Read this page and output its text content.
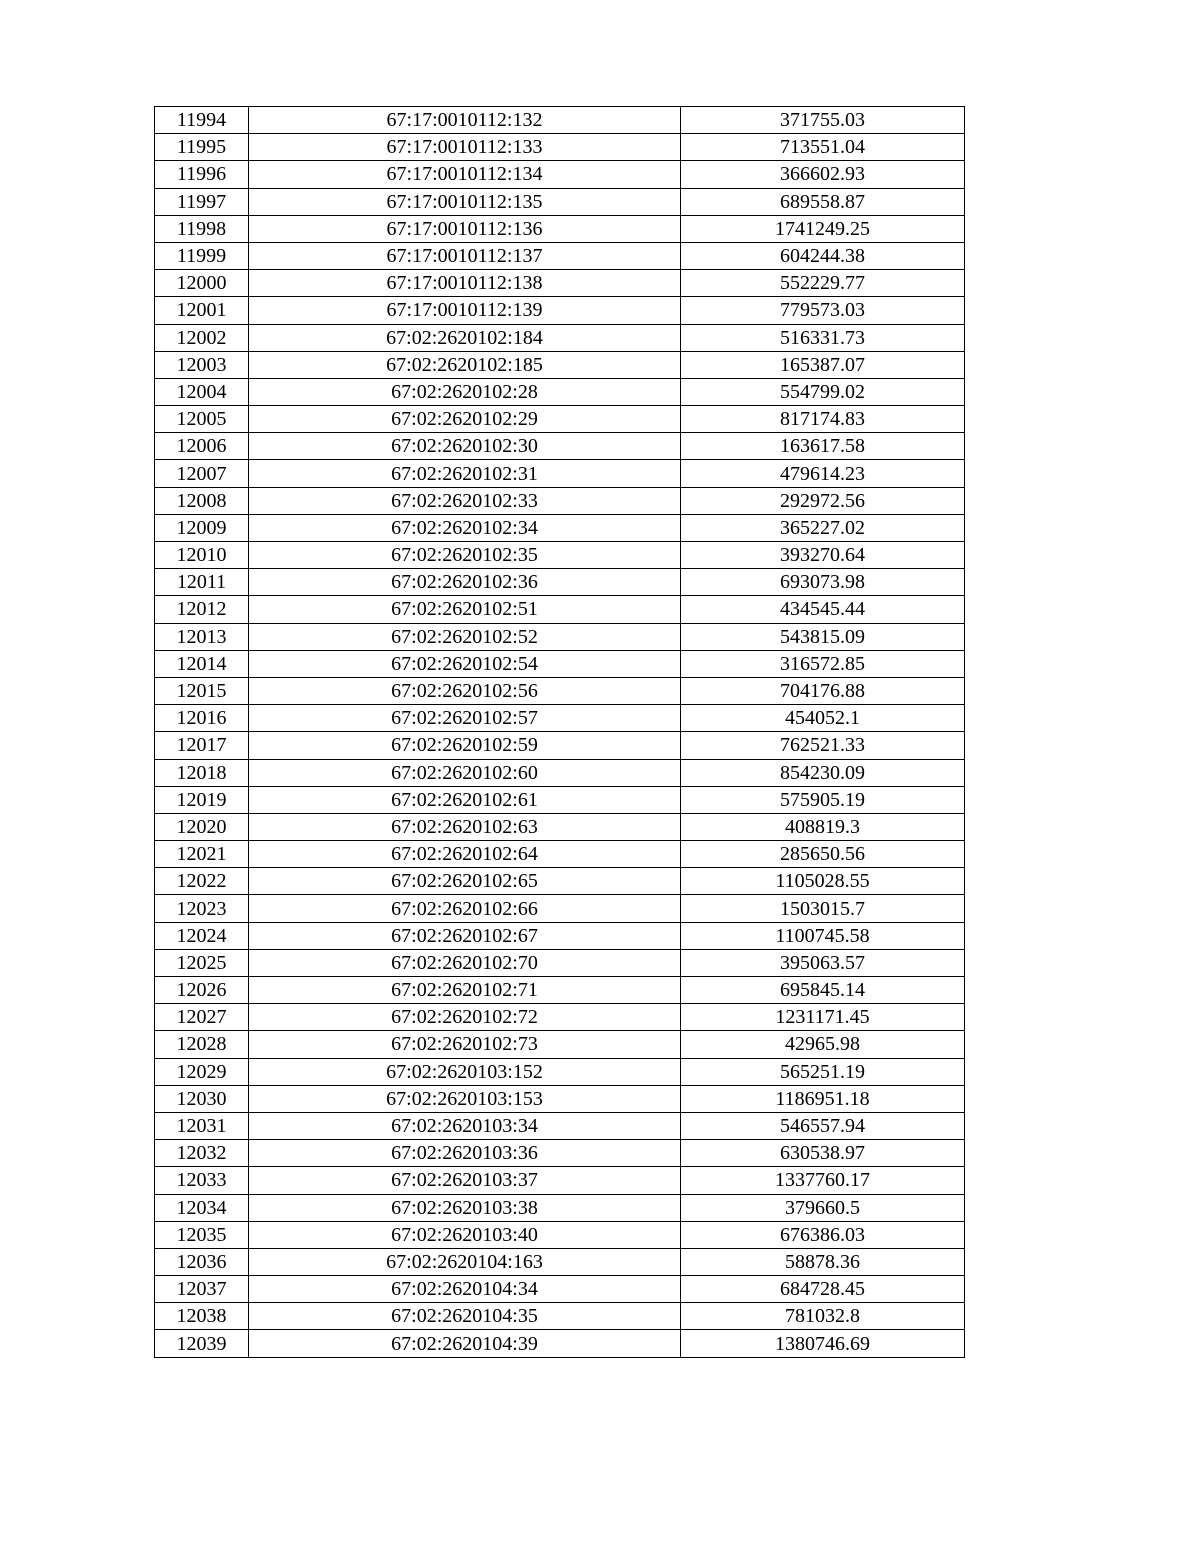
11994	67:17:0010112:132	371755.03
11995	67:17:0010112:133	713551.04
11996	67:17:0010112:134	366602.93
11997	67:17:0010112:135	689558.87
11998	67:17:0010112:136	1741249.25
11999	67:17:0010112:137	604244.38
12000	67:17:0010112:138	552229.77
12001	67:17:0010112:139	779573.03
12002	67:02:2620102:184	516331.73
12003	67:02:2620102:185	165387.07
12004	67:02:2620102:28	554799.02
12005	67:02:2620102:29	817174.83
12006	67:02:2620102:30	163617.58
12007	67:02:2620102:31	479614.23
12008	67:02:2620102:33	292972.56
12009	67:02:2620102:34	365227.02
12010	67:02:2620102:35	393270.64
12011	67:02:2620102:36	693073.98
12012	67:02:2620102:51	434545.44
12013	67:02:2620102:52	543815.09
12014	67:02:2620102:54	316572.85
12015	67:02:2620102:56	704176.88
12016	67:02:2620102:57	454052.1
12017	67:02:2620102:59	762521.33
12018	67:02:2620102:60	854230.09
12019	67:02:2620102:61	575905.19
12020	67:02:2620102:63	408819.3
12021	67:02:2620102:64	285650.56
12022	67:02:2620102:65	1105028.55
12023	67:02:2620102:66	1503015.7
12024	67:02:2620102:67	1100745.58
12025	67:02:2620102:70	395063.57
12026	67:02:2620102:71	695845.14
12027	67:02:2620102:72	1231171.45
12028	67:02:2620102:73	42965.98
12029	67:02:2620103:152	565251.19
12030	67:02:2620103:153	1186951.18
12031	67:02:2620103:34	546557.94
12032	67:02:2620103:36	630538.97
12033	67:02:2620103:37	1337760.17
12034	67:02:2620103:38	379660.5
12035	67:02:2620103:40	676386.03
12036	67:02:2620104:163	58878.36
12037	67:02:2620104:34	684728.45
12038	67:02:2620104:35	781032.8
12039	67:02:2620104:39	1380746.69
